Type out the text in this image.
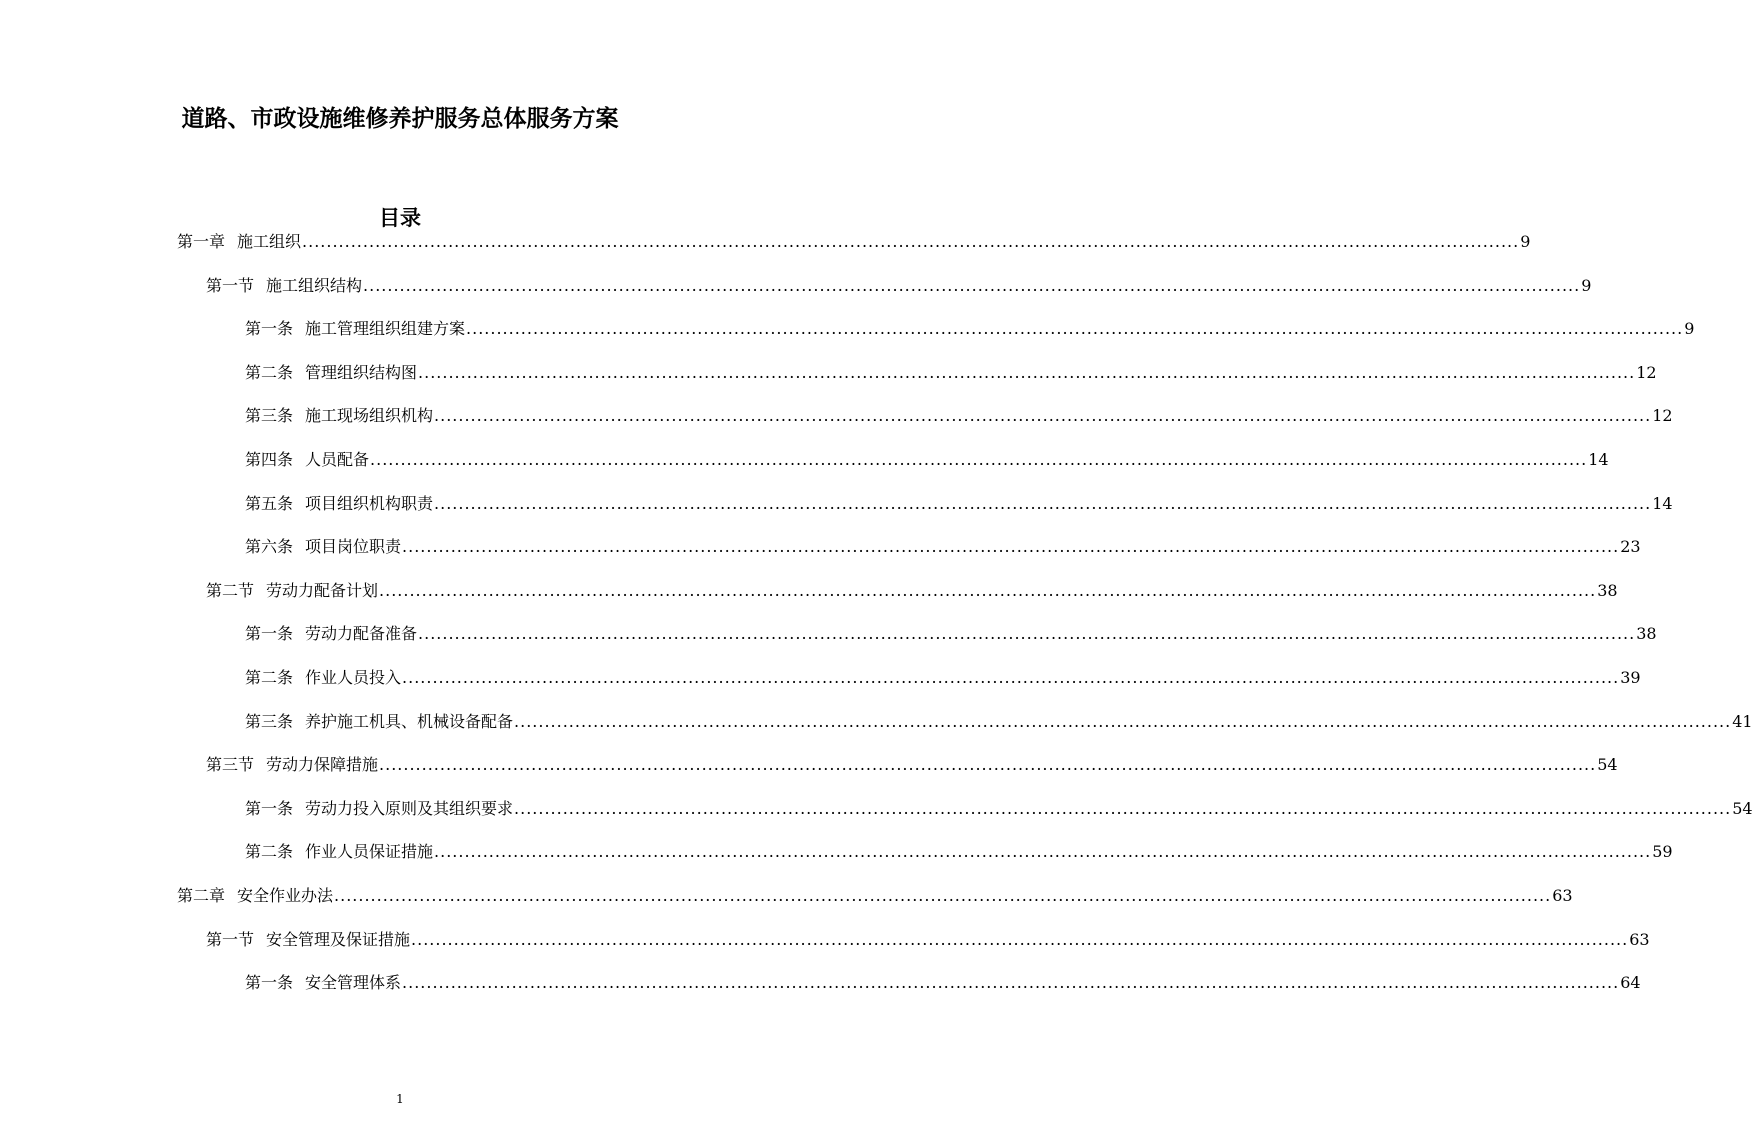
道路、市政设施维修养护服务总体服务方案
目录
第一章 施工组织 ........................................................................................................................................................................................................ 9
第一节 施工组织结构 ........................................................................................................................................................................................................ 9
第一条 施工管理组织组建方案 ........................................................................................................................................................................................................ 9
第二条 管理组织结构图 ........................................................................................................................................................................................................ 12
第三条 施工现场组织机构 ........................................................................................................................................................................................................ 12
第四条 人员配备 ........................................................................................................................................................................................................ 14
第五条 项目组织机构职责 ........................................................................................................................................................................................................ 14
第六条 项目岗位职责 ........................................................................................................................................................................................................ 23
第二节 劳动力配备计划 ........................................................................................................................................................................................................ 38
第一条 劳动力配备准备 ........................................................................................................................................................................................................ 38
第二条 作业人员投入 ........................................................................................................................................................................................................ 39
第三条 养护施工机具、机械设备配备 ........................................................................................................................................................................................................ 41
第三节 劳动力保障措施 ........................................................................................................................................................................................................ 54
第一条 劳动力投入原则及其组织要求 ........................................................................................................................................................................................................ 54
第二条 作业人员保证措施 ........................................................................................................................................................................................................ 59
第二章 安全作业办法 ........................................................................................................................................................................................................ 63
第一节 安全管理及保证措施 ........................................................................................................................................................................................................ 63
第一条 安全管理体系 ........................................................................................................................................................................................................ 64
1
